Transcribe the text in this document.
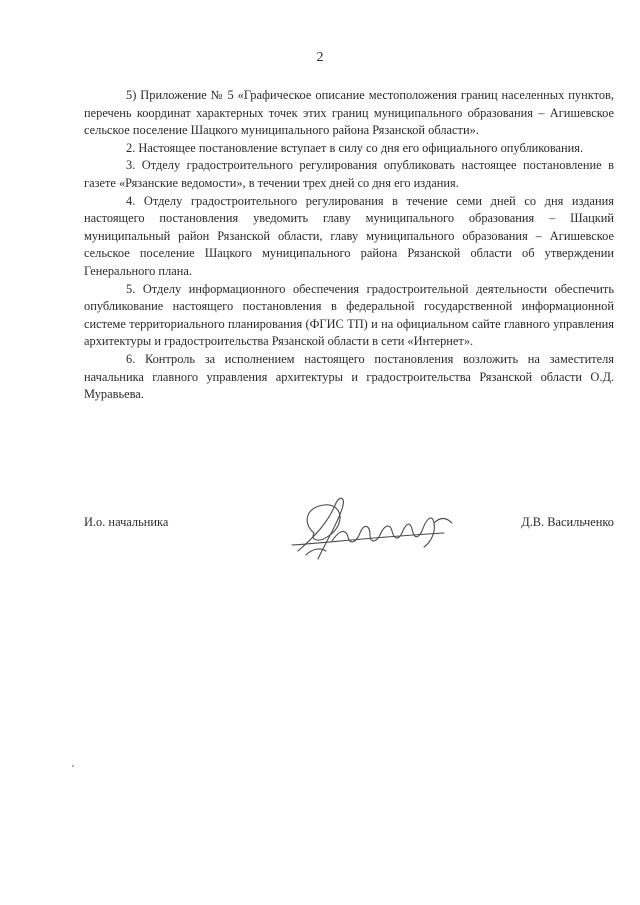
2

5) Приложение № 5 «Графическое описание местоположения границ населенных пунктов, перечень координат характерных точек этих границ муниципального образования – Агишевское сельское поселение Шацкого муниципального района Рязанской области».

2. Настоящее постановление вступает в силу со дня его официального опубликования.

3. Отделу градостроительного регулирования опубликовать настоящее постановление в газете «Рязанские ведомости», в течении трех дней со дня его издания.

4. Отделу градостроительного регулирования в течение семи дней со дня издания настоящего постановления уведомить главу муниципального образования – Шацкий муниципальный район Рязанской области, главу муниципального образования – Агишевское сельское поселение Шацкого муниципального района Рязанской области об утверждении Генерального плана.

5. Отделу информационного обеспечения градостроительной деятельности обеспечить опубликование настоящего постановления в федеральной государственной информационной системе территориального планирования (ФГИС ТП) и на официальном сайте главного управления архитектуры и градостроительства Рязанской области в сети «Интернет».

6. Контроль за исполнением настоящего постановления возложить на заместителя начальника главного управления архитектуры и градостроительства Рязанской области О.Д. Муравьева.

И.о. начальника	Д.В. Васильченко
